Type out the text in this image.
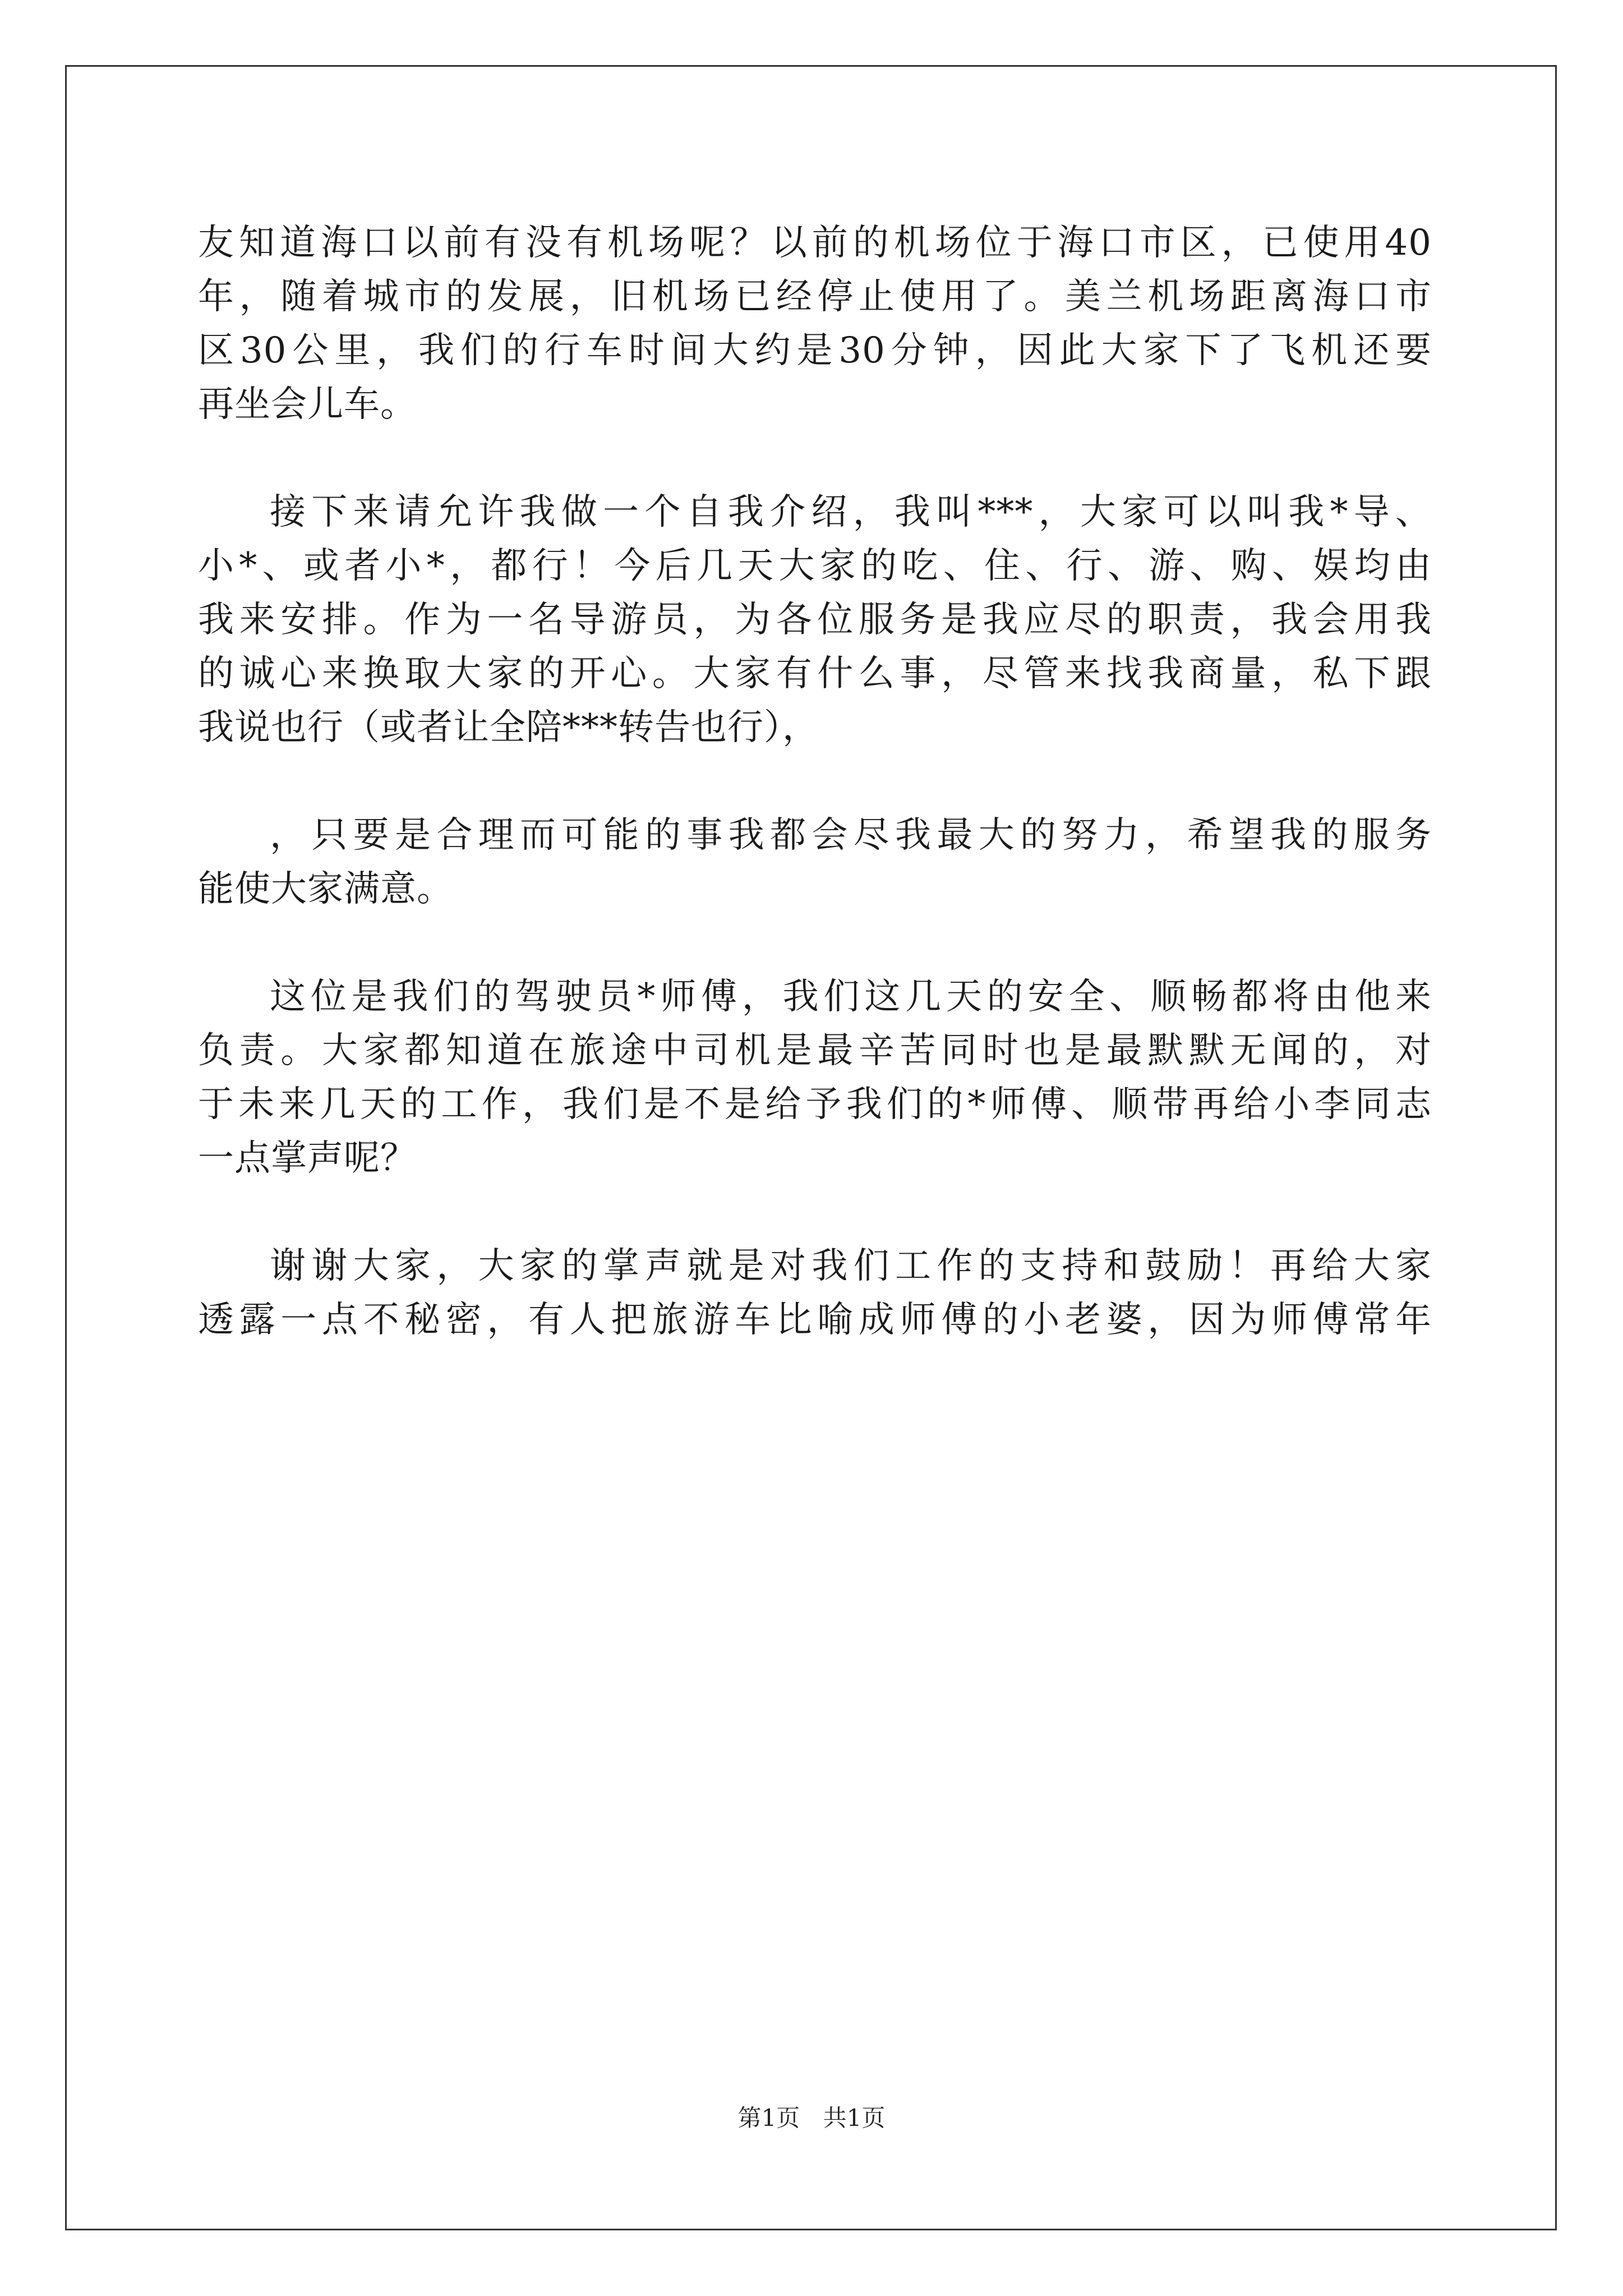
友知道海口以前有没有机场呢？以前的机场位于海口市区，已使用40
年，随着城市的发展，旧机场已经停止使用了。美兰机场距离海口市
区30公里，我们的行车时间大约是30分钟，因此大家下了飞机还要
再坐会儿车。
接下来请允许我做一个自我介绍，我叫***，大家可以叫我*导、
小*、或者小*，都行！今后几天大家的吃、住、行、游、购、娱均由
我来安排。作为一名导游员，为各位服务是我应尽的职责，我会用我
的诚心来换取大家的开心。大家有什么事，尽管来找我商量，私下跟
我说也行（或者让全陪***转告也行），
，只要是合理而可能的事我都会尽我最大的努力，希望我的服务
能使大家满意。
这位是我们的驾驶员*师傅，我们这几天的安全、顺畅都将由他来
负责。大家都知道在旅途中司机是最辛苦同时也是最默默无闻的，对
于未来几天的工作，我们是不是给予我们的*师傅、顺带再给小李同志
一点掌声呢？
谢谢大家，大家的掌声就是对我们工作的支持和鼓励！再给大家
透露一点不秘密，有人把旅游车比喻成师傅的小老婆，因为师傅常年
第1页 共1页
